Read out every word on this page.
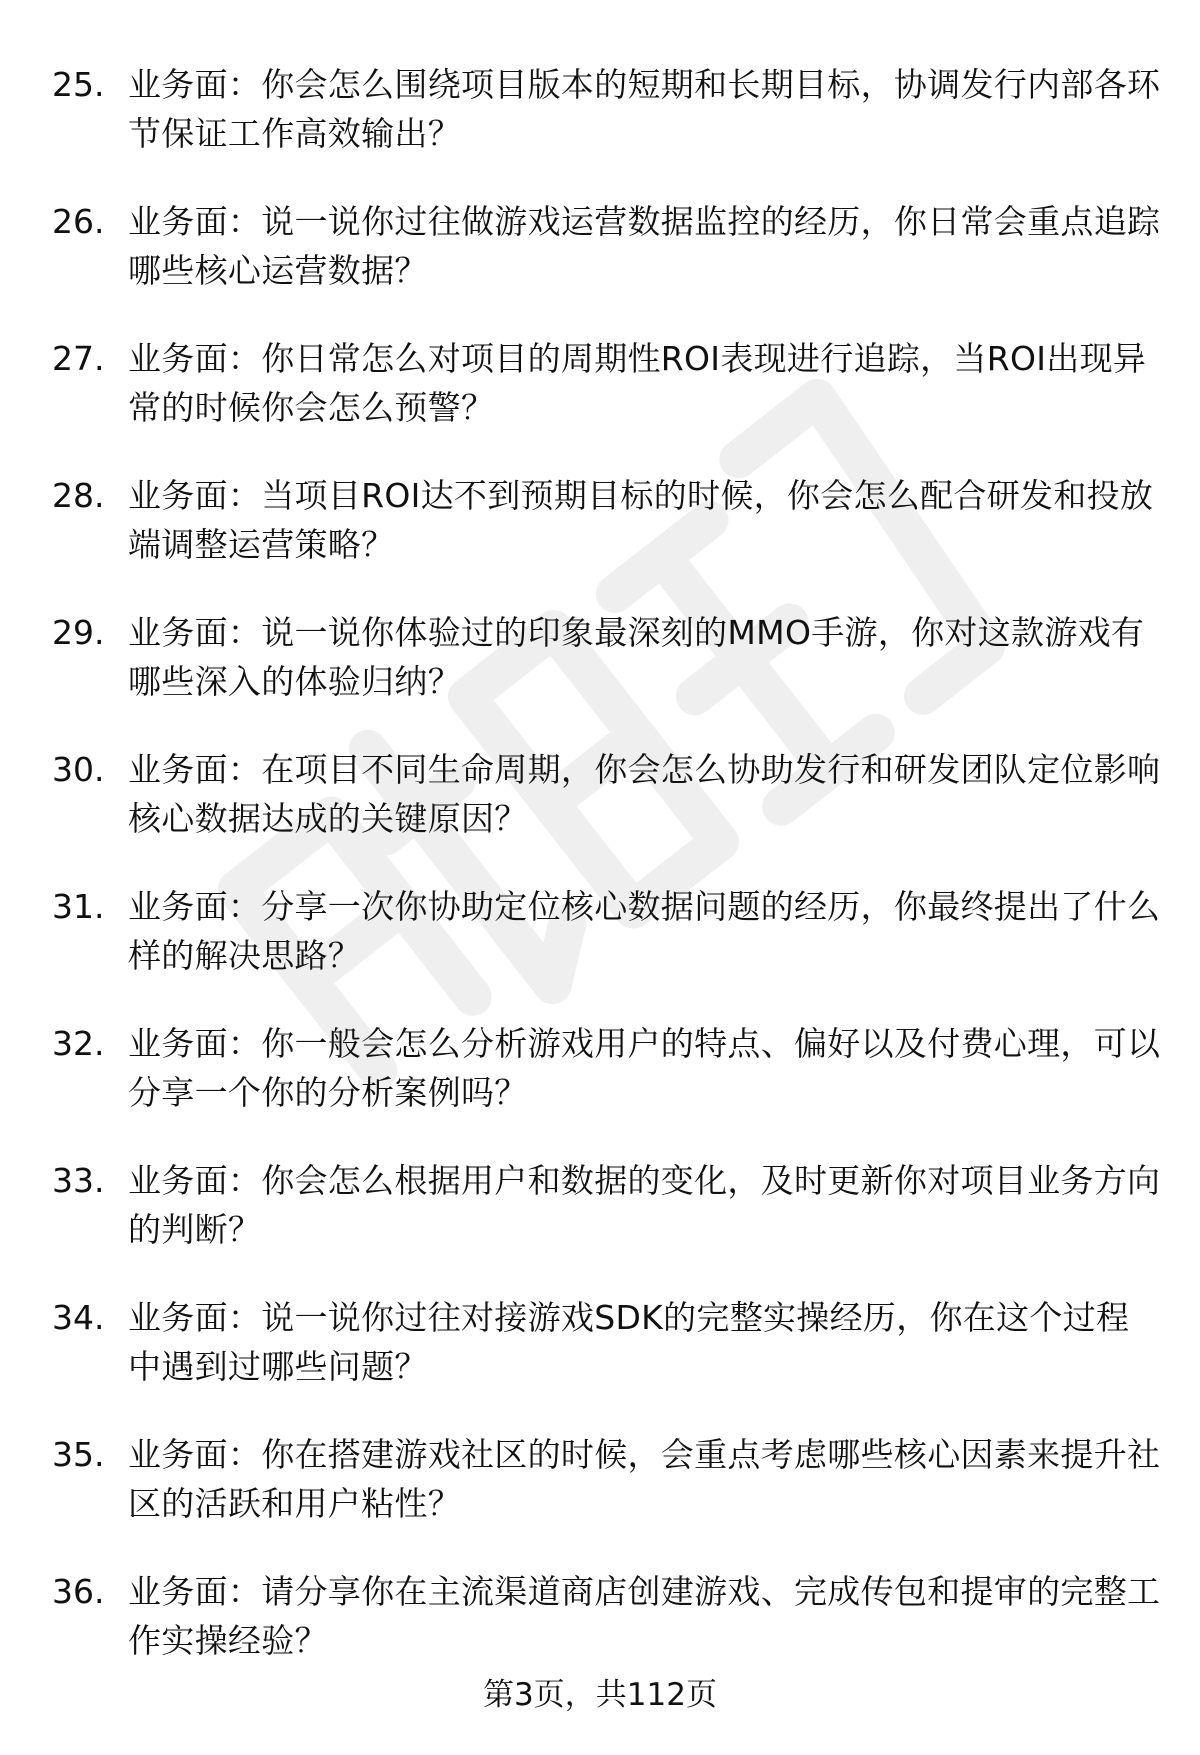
25. 业务面：你会怎么围绕项目版本的短期和长期目标，协调发行内部各环节保证工作高效输出？
26. 业务面：说一说你过往做游戏运营数据监控的经历，你日常会重点追踪哪些核心运营数据？
27. 业务面：你日常怎么对项目的周期性ROI表现进行追踪，当ROI出现异常的时候你会怎么预警？
28. 业务面：当项目ROI达不到预期目标的时候，你会怎么配合研发和投放端调整运营策略？
29. 业务面：说一说你体验过的印象最深刻的MMO手游，你对这款游戏有哪些深入的体验归纳？
30. 业务面：在项目不同生命周期，你会怎么协助发行和研发团队定位影响核心数据达成的关键原因？
31. 业务面：分享一次你协助定位核心数据问题的经历，你最终提出了什么样的解决思路？
32. 业务面：你一般会怎么分析游戏用户的特点、偏好以及付费心理，可以分享一个你的分析案例吗？
33. 业务面：你会怎么根据用户和数据的变化，及时更新你对项目业务方向的判断？
34. 业务面：说一说你过往对接游戏SDK的完整实操经历，你在这个过程中遇到过哪些问题？
35. 业务面：你在搭建游戏社区的时候，会重点考虑哪些核心因素来提升社区的活跃和用户粘性？
36. 业务面：请分享你在主流渠道商店创建游戏、完成传包和提审的完整工作实操经验？
第3页，共112页
